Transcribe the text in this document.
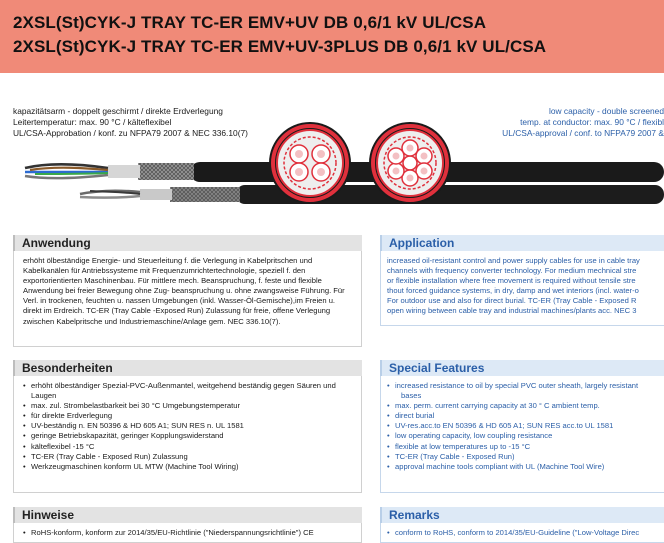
2XSL(St)CYK-J TRAY TC-ER EMV+UV DB 0,6/1 kV UL/CSA
2XSL(St)CYK-J TRAY TC-ER EMV+UV-3PLUS DB 0,6/1 kV UL/CSA
kapazitätsarm - doppelt geschirmt / direkte Erdverlegung
Leitertemperatur: max. 90 °C / kälteflexibel
UL/CSA-Approbation / konf. zu NFPA79 2007 & NEC 336.10(7)
low capacity - double screened
temp. at conductor: max. 90 °C / flexibl
UL/CSA-approval / conf. to NFPA79 2007 &
Anwendung

erhöht ölbeständige Energie- und Steuerleitung f. die Verlegung in Kabelpritschen und Kabelkanälen für Antriebssysteme mit Frequenzumrichtertechnologie, speziell f. den exportorientierten Maschinenbau. Für mittlere mech. Beanspruchung, f. feste und flexible Anwendung bei freier Bewegung ohne Zug- beanspruchung u. ohne zwangsweise Führung. Für Verl. in trockenen, feuchten u. nassen Umgebungen (inkl. Wasser-Öl-Gemische),im Freien u. direkt im Erdreich. TC-ER (Tray Cable -Exposed Run) Zulassung für freie, offene Verlegung zwischen Kabelpritsche und Industriemaschine/Anlage gem. NEC 336.10(7).

Besonderheiten
• erhöht ölbeständiger Spezial-PVC-Außenmantel, weitgehend beständig gegen Säuren und Laugen
• max. zul. Strombelastbarkeit bei 30 °C Umgebungstemperatur
• für direkte Erdverlegung
• UV-beständig n. EN 50396 & HD 605 A1; SUN RES n. UL 1581
• geringe Betriebskapazität, geringer Kopplungswiderstand
• kälteflexibel -15 °C
• TC-ER (Tray Cable - Exposed Run) Zulassung
• Werkzeugmaschinen konform UL MTW (Machine Tool Wiring)
Hinweise
• RoHS-konform, konform zur 2014/35/EU-Richtlinie ("Niederspannungsrichtlinie") CE
Application
increased oil-resistant control and power supply cables for use in cable tray
channels with frequency converter technology. For medium mechnical stre
or flexible installation where free movement is required without tensile stre
thout forced guidance systems, in dry, damp and wet interiors (incl. water-o
For outdoor use and also for direct burial. TC-ER (Tray Cable - Exposed R
open wiring between cable tray and industrial machines/plants acc. NEC 3
Special Features
• increased resistance to oil by special PVC outer sheath, largely resistant
bases
• max. perm. current carrying capacity at 30 ° C ambient temp.
• direct burial
• UV-res.acc.to EN 50396 & HD 605 A1; SUN RES acc.to UL 1581
• low operating capacity, low coupling resistance
• flexible at low temperatures up to -15 °C
• TC-ER (Tray Cable - Exposed Run)
• approval machine tools compliant with UL (Machine Tool Wire)
Remarks
• conform to RoHS, conform to 2014/35/EU-Guideline ("Low-Voltage Direc
